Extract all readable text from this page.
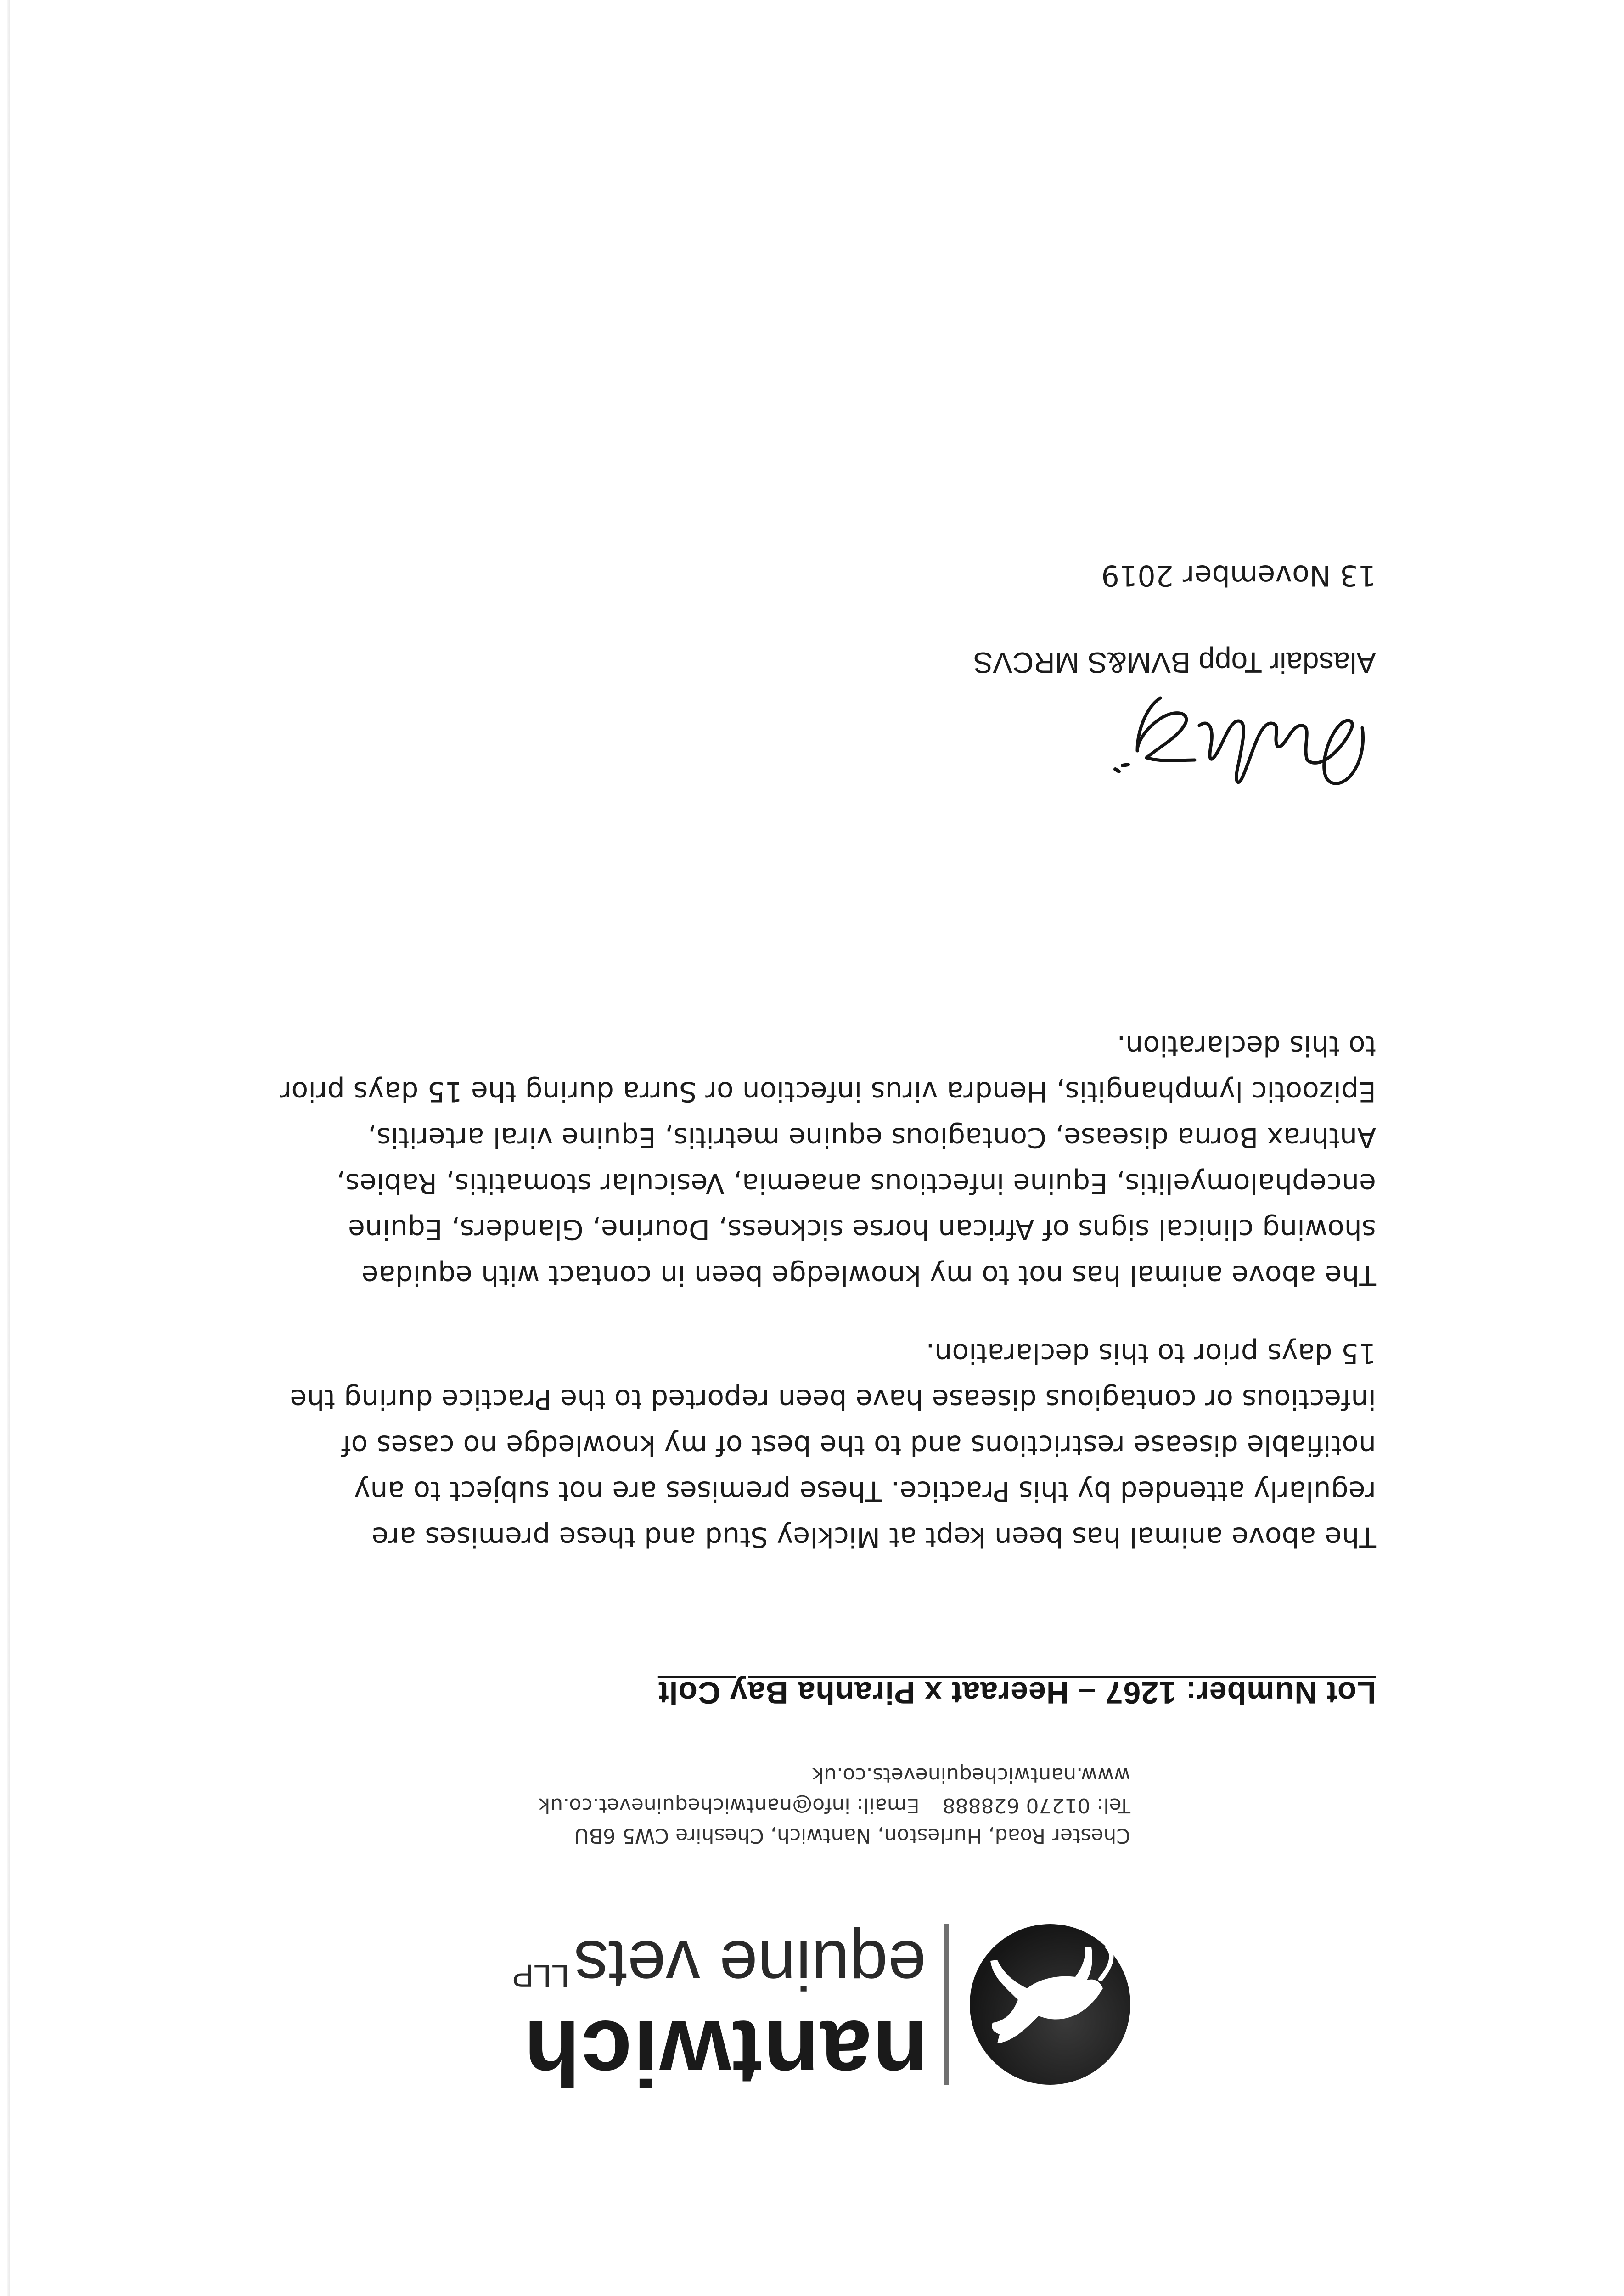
nantwich
equine vets$^{LLP}$
Chester Road, Hurleston, Nantwich, Cheshire CW5 6BU
Tel: 01270 628888Email: info@nantwichequinevet.co.uk
www.nantwichequinevets.co.uk
Lot Number: 1267 – Heeraat x Piranha Bay Colt
The above animal has been kept at Mickley Stud and these premises are
regularly attended by this Practice. These premises are not subject to any
notifiable disease restrictions and to the best of my knowledge no cases of
infectious or contagious disease have been reported to the Practice during the
15 days prior to this declaration.
The above animal has not to my knowledge been in contact with equidae
showing clinical signs of African horse sickness, Dourine, Glanders, Equine
encephalomyelitis, Equine infectious anaemia, Vesicular stomatitis, Rabies,
Anthrax Borna disease, Contagious equine metritis, Equine viral arteritis,
Epizootic lymphangitis, Hendra virus infection or Surra during the 15 days prior
to this declaration.
Alasdair Topp BVM&S MRCVS
13 November 2019
